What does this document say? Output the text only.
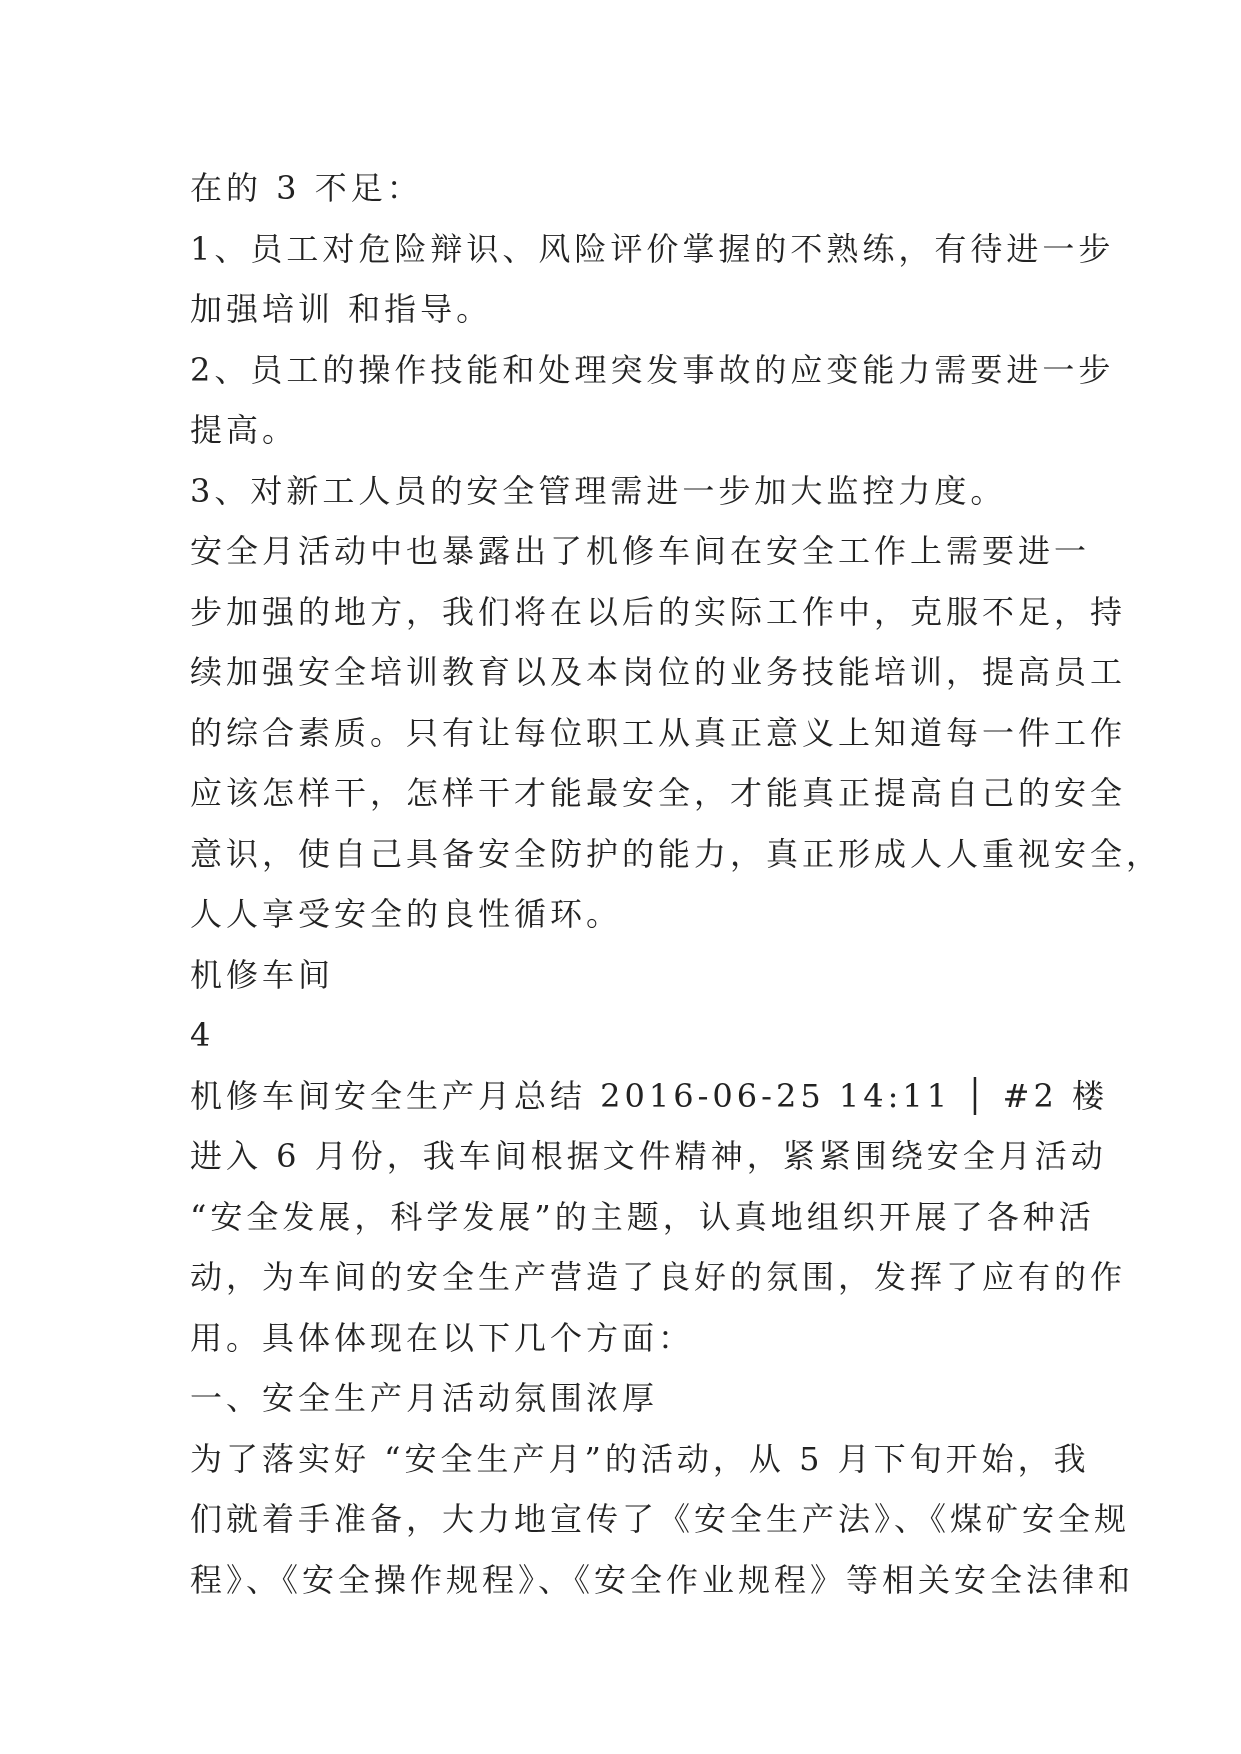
在的 3 不足：
1、员工对危险辩识、风险评价掌握的不熟练，有待进一步
加强培训 和指导。
2、员工的操作技能和处理突发事故的应变能力需要进一步
提高。
3、对新工人员的安全管理需进一步加大监控力度。
安全月活动中也暴露出了机修车间在安全工作上需要进一
步加强的地方，我们将在以后的实际工作中，克服不足，持
续加强安全培训教育以及本岗位的业务技能培训，提高员工
的综合素质。只有让每位职工从真正意义上知道每一件工作
应该怎样干，怎样干才能最安全，才能真正提高自己的安全
意识，使自己具备安全防护的能力，真正形成人人重视安全，
人人享受安全的良性循环。
机修车间
4
机修车间安全生产月总结 2016-06-25 14:11 │ #2 楼
进入 6 月份，我车间根据文件精神，紧紧围绕安全月活动
“安全发展，科学发展”的主题，认真地组织开展了各种活
动，为车间的安全生产营造了良好的氛围，发挥了应有的作
用。具体体现在以下几个方面：
一、安全生产月活动氛围浓厚
为了落实好 “安全生产月”的活动，从 5 月下旬开始，我
们就着手准备，大力地宣传了《安全生产法》、《煤矿安全规
程》、《安全操作规程》、《安全作业规程》等相关安全法律和
